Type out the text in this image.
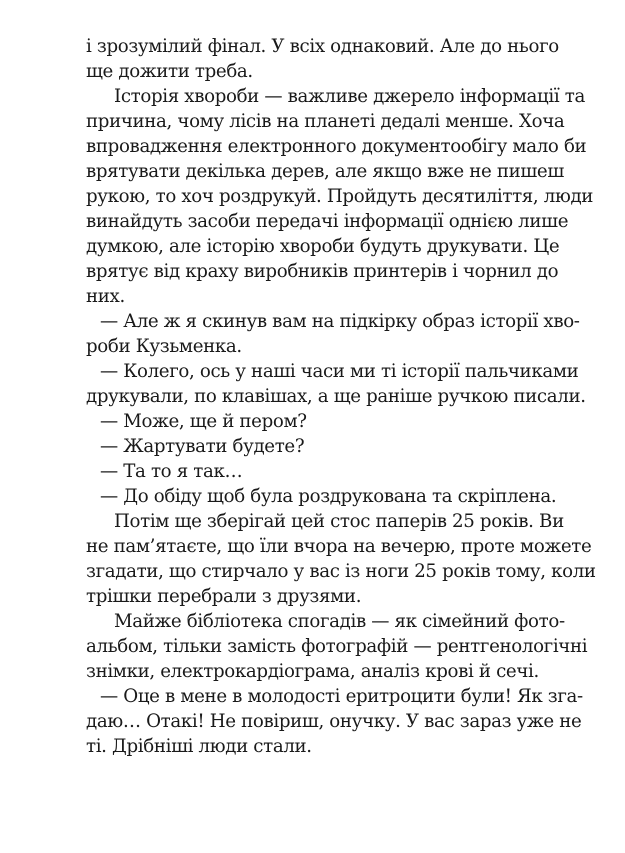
і зрозумілий фінал. У всіх однаковий. Але до нього
ще дожити треба.
Історія хвороби — важливе джерело інформації та
причина, чому лісів на планеті дедалі менше. Хоча
впровадження електронного документообігу мало би
врятувати декілька дерев, але якщо вже не пишеш
рукою, то хоч роздрукуй. Пройдуть десятиліття, люди
винайдуть засоби передачі інформації однією лише
думкою, але історію хвороби будуть друкувати. Це
врятує від краху виробників принтерів і чорнил до
них.
— Але ж я скинув вам на підкірку образ історії хво-
роби Кузьменка.
— Колего, ось у наші часи ми ті історії пальчиками
друкували, по клавішах, а ще раніше ручкою писали.
— Може, ще й пером?
— Жартувати будете?
— Та то я так…
— До обіду щоб була роздрукована та скріплена.
Потім ще зберігай цей стос паперів 25 років. Ви
не пам’ятаєте, що їли вчора на вечерю, проте можете
згадати, що стирчало у вас із ноги 25 років тому, коли
трішки перебрали з друзями.
Майже бібліотека спогадів — як сімейний фото-
альбом, тільки замість фотографій — рентгенологічні
знімки, електрокардіограма, аналіз крові й сечі.
— Оце в мене в молодості еритроцити були! Як зга-
даю… Отакі! Не повіриш, онучку. У вас зараз уже не
ті. Дрібніші люди стали.
